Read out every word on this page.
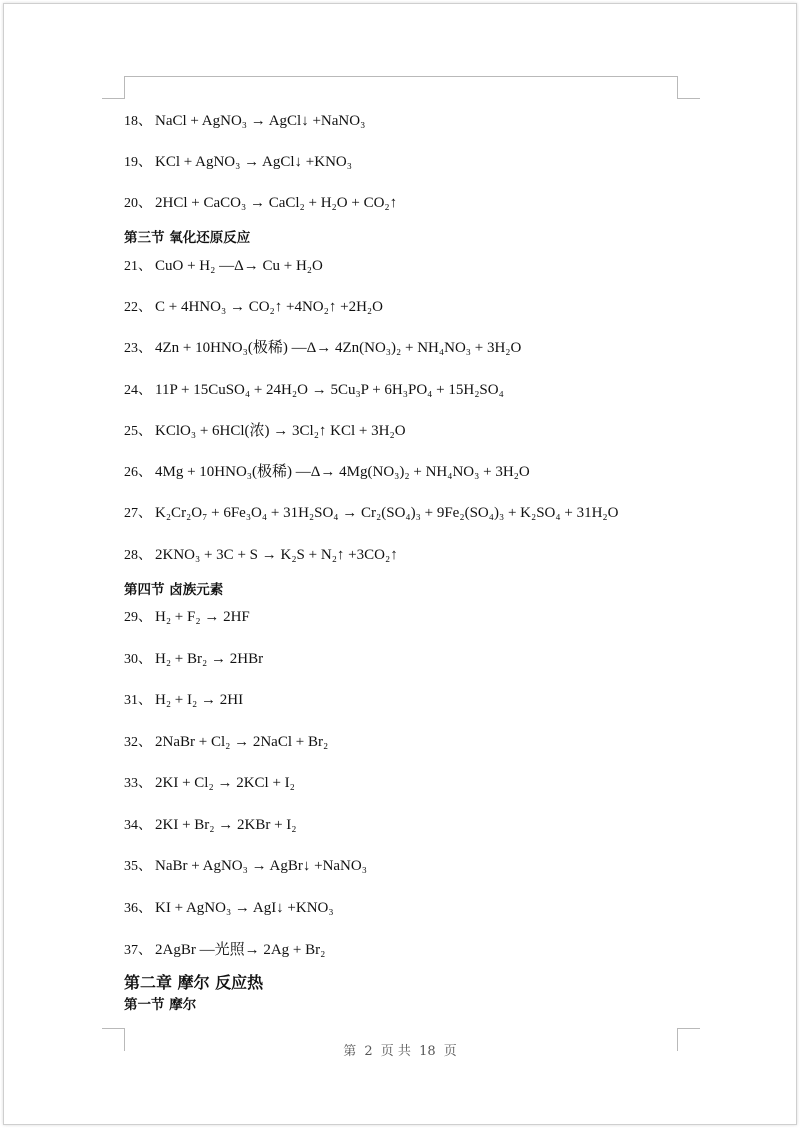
18、 NaCl + AgNO₃ → AgCl↓ +NaNO₃
19、 KCl + AgNO₃ → AgCl↓ +KNO₃
20、 2HCl + CaCO₃ → CaCl₂ + H₂O + CO₂↑
第三节 氧化还原反应
21、 CuO + H₂ —Δ→ Cu + H₂O
22、 C + 4HNO₃ → CO₂↑ +4NO₂↑ +2H₂O
23、 4Zn + 10HNO₃(极稀) —Δ→ 4Zn(NO₃)₂ + NH₄NO₃ + 3H₂O
24、 11P + 15CuSO₄ + 24H₂O → 5Cu₃P + 6H₃PO₄ + 15H₂SO₄
25、 KClO₃ + 6HCl(浓) → 3Cl₂↑ KCl + 3H₂O
26、 4Mg + 10HNO₃(极稀) —Δ→ 4Mg(NO₃)₂ + NH₄NO₃ + 3H₂O
27、 K₂Cr₂O₇ + 6Fe₃O₄ + 31H₂SO₄ → Cr₂(SO₄)₃ + 9Fe₂(SO₄)₃ + K₂SO₄ + 31H₂O
28、 2KNO₃ + 3C + S → K₂S + N₂↑ +3CO₂↑
第四节 卤族元素
29、 H₂ + F₂ → 2HF
30、 H₂ + Br₂ → 2HBr
31、 H₂ + I₂ → 2HI
32、 2NaBr + Cl₂ → 2NaCl + Br₂
33、 2KI + Cl₂ → 2KCl + I₂
34、 2KI + Br₂ → 2KBr + I₂
35、 NaBr + AgNO₃ → AgBr↓ +NaNO₃
36、 KI + AgNO₃ → AgI↓ +KNO₃
37、 2AgBr —光照→ 2Ag + Br₂
第二章 摩尔 反应热
第一节 摩尔
第 2 页 共 18 页
